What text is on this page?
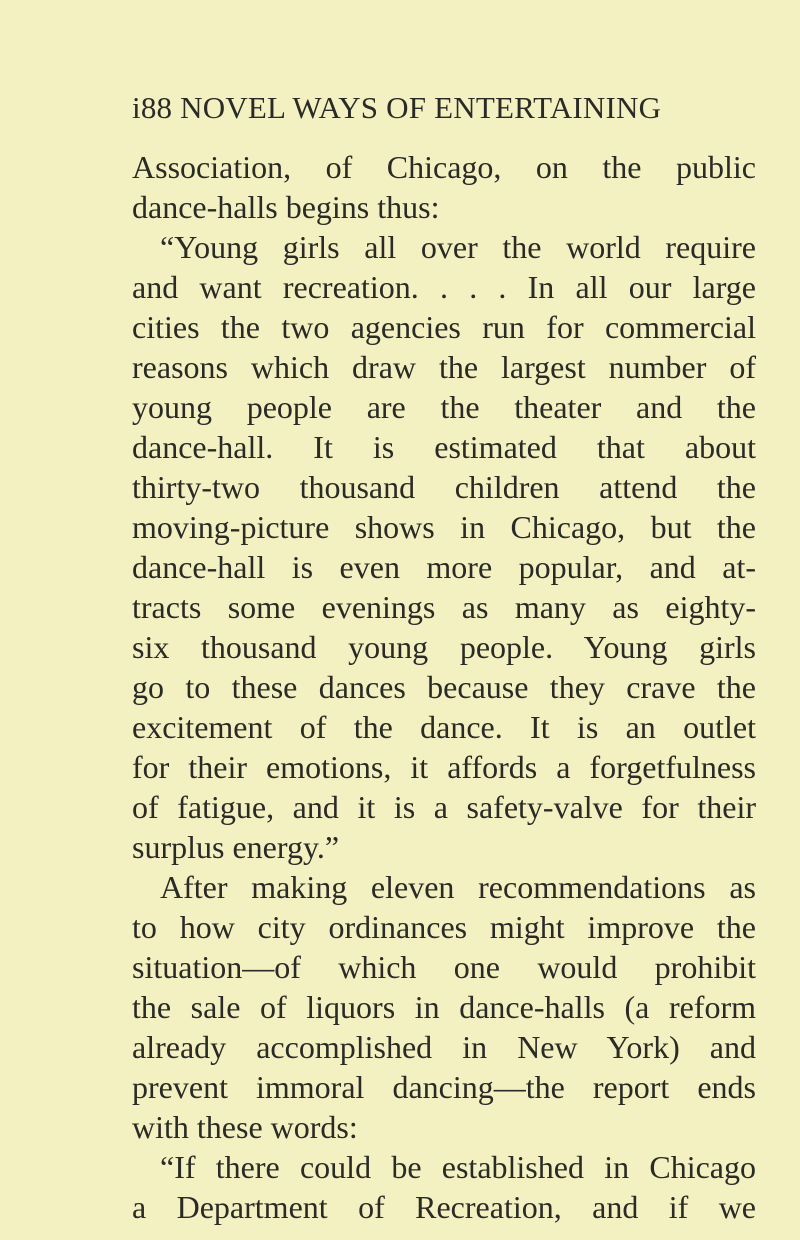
i88 NOVEL WAYS OF ENTERTAINING
Association, of Chicago, on the public
dance-halls begins thus:
“Young girls all over the world require
and want recreation. . . . In all our large
cities the two agencies run for commercial
reasons which draw the largest number of
young people are the theater and the
dance-hall. It is estimated that about
thirty-two thousand children attend the
moving-picture shows in Chicago, but the
dance-hall is even more popular, and at-
tracts some evenings as many as eighty-
six thousand young people. Young girls
go to these dances because they crave the
excitement of the dance. It is an outlet
for their emotions, it affords a forgetfulness
of fatigue, and it is a safety-valve for their
surplus energy.”
After making eleven recommendations as
to how city ordinances might improve the
situation—of which one would prohibit
the sale of liquors in dance-halls (a reform
already accomplished in New York) and
prevent immoral dancing—the report ends
with these words:
“If there could be established in Chicago
a Department of Recreation, and if we
